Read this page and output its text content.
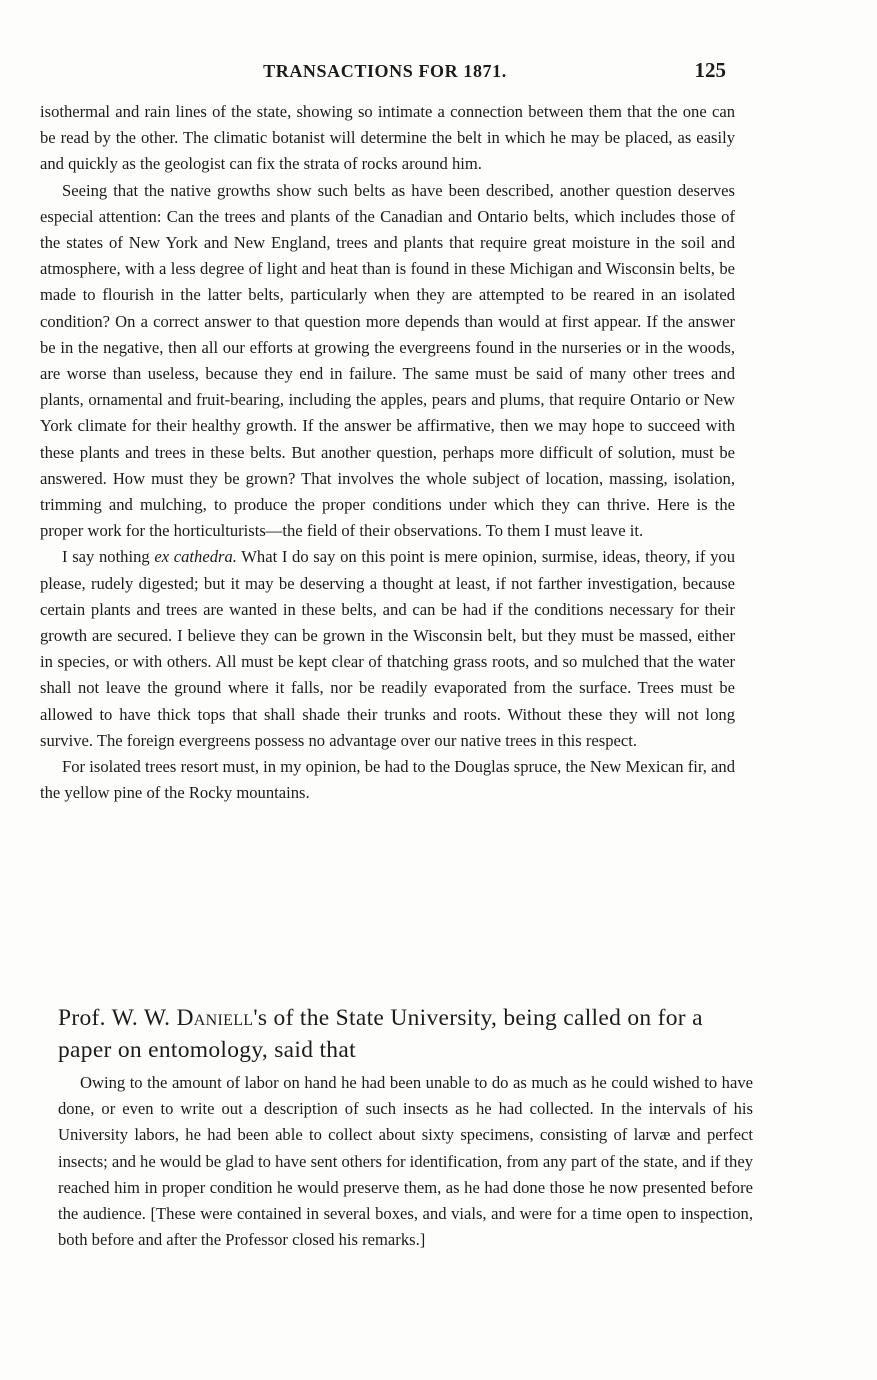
TRANSACTIONS FOR 1871.	125

isothermal and rain lines of the state, showing so intimate a connection between them that the one can be read by the other. The climatic botanist will determine the belt in which he may be placed, as easily and quickly as the geologist can fix the strata of rocks around him.

Seeing that the native growths show such belts as have been described, another question deserves especial attention: Can the trees and plants of the Canadian and Ontario belts, which includes those of the states of New York and New England, trees and plants that require great moisture in the soil and atmosphere, with a less degree of light and heat than is found in these Michigan and Wisconsin belts, be made to flourish in the latter belts, particularly when they are attempted to be reared in an isolated condition? On a correct answer to that question more depends than would at first appear. If the answer be in the negative, then all our efforts at growing the evergreens found in the nurseries or in the woods, are worse than useless, because they end in failure. The same must be said of many other trees and plants, ornamental and fruit-bearing, including the apples, pears and plums, that require Ontario or New York climate for their healthy growth. If the answer be affirmative, then we may hope to succeed with these plants and trees in these belts. But another question, perhaps more difficult of solution, must be answered. How must they be grown? That involves the whole subject of location, massing, isolation, trimming and mulching, to produce the proper conditions under which they can thrive. Here is the proper work for the horticulturists—the field of their observations. To them I must leave it.

I say nothing ex cathedra. What I do say on this point is mere opinion, surmise, ideas, theory, if you please, rudely digested; but it may be deserving a thought at least, if not farther investigation, because certain plants and trees are wanted in these belts, and can be had if the conditions necessary for their growth are secured. I believe they can be grown in the Wisconsin belt, but they must be massed, either in species, or with others. All must be kept clear of thatching grass roots, and so mulched that the water shall not leave the ground where it falls, nor be readily evaporated from the surface. Trees must be allowed to have thick tops that shall shade their trunks and roots. Without these they will not long survive. The foreign evergreens possess no advantage over our native trees in this respect.

For isolated trees resort must, in my opinion, be had to the Douglas spruce, the New Mexican fir, and the yellow pine of the Rocky mountains.

Prof. W. W. Daniell's of the State University, being called on for a paper on entomology, said that

Owing to the amount of labor on hand he had been unable to do as much as he could wished to have done, or even to write out a description of such insects as he had collected. In the intervals of his University labors, he had been able to collect about sixty specimens, consisting of larvæ and perfect insects; and he would be glad to have sent others for identification, from any part of the state, and if they reached him in proper condition he would preserve them, as he had done those he now presented before the audience. [These were contained in several boxes, and vials, and were for a time open to inspection, both before and after the Professor closed his remarks.]
